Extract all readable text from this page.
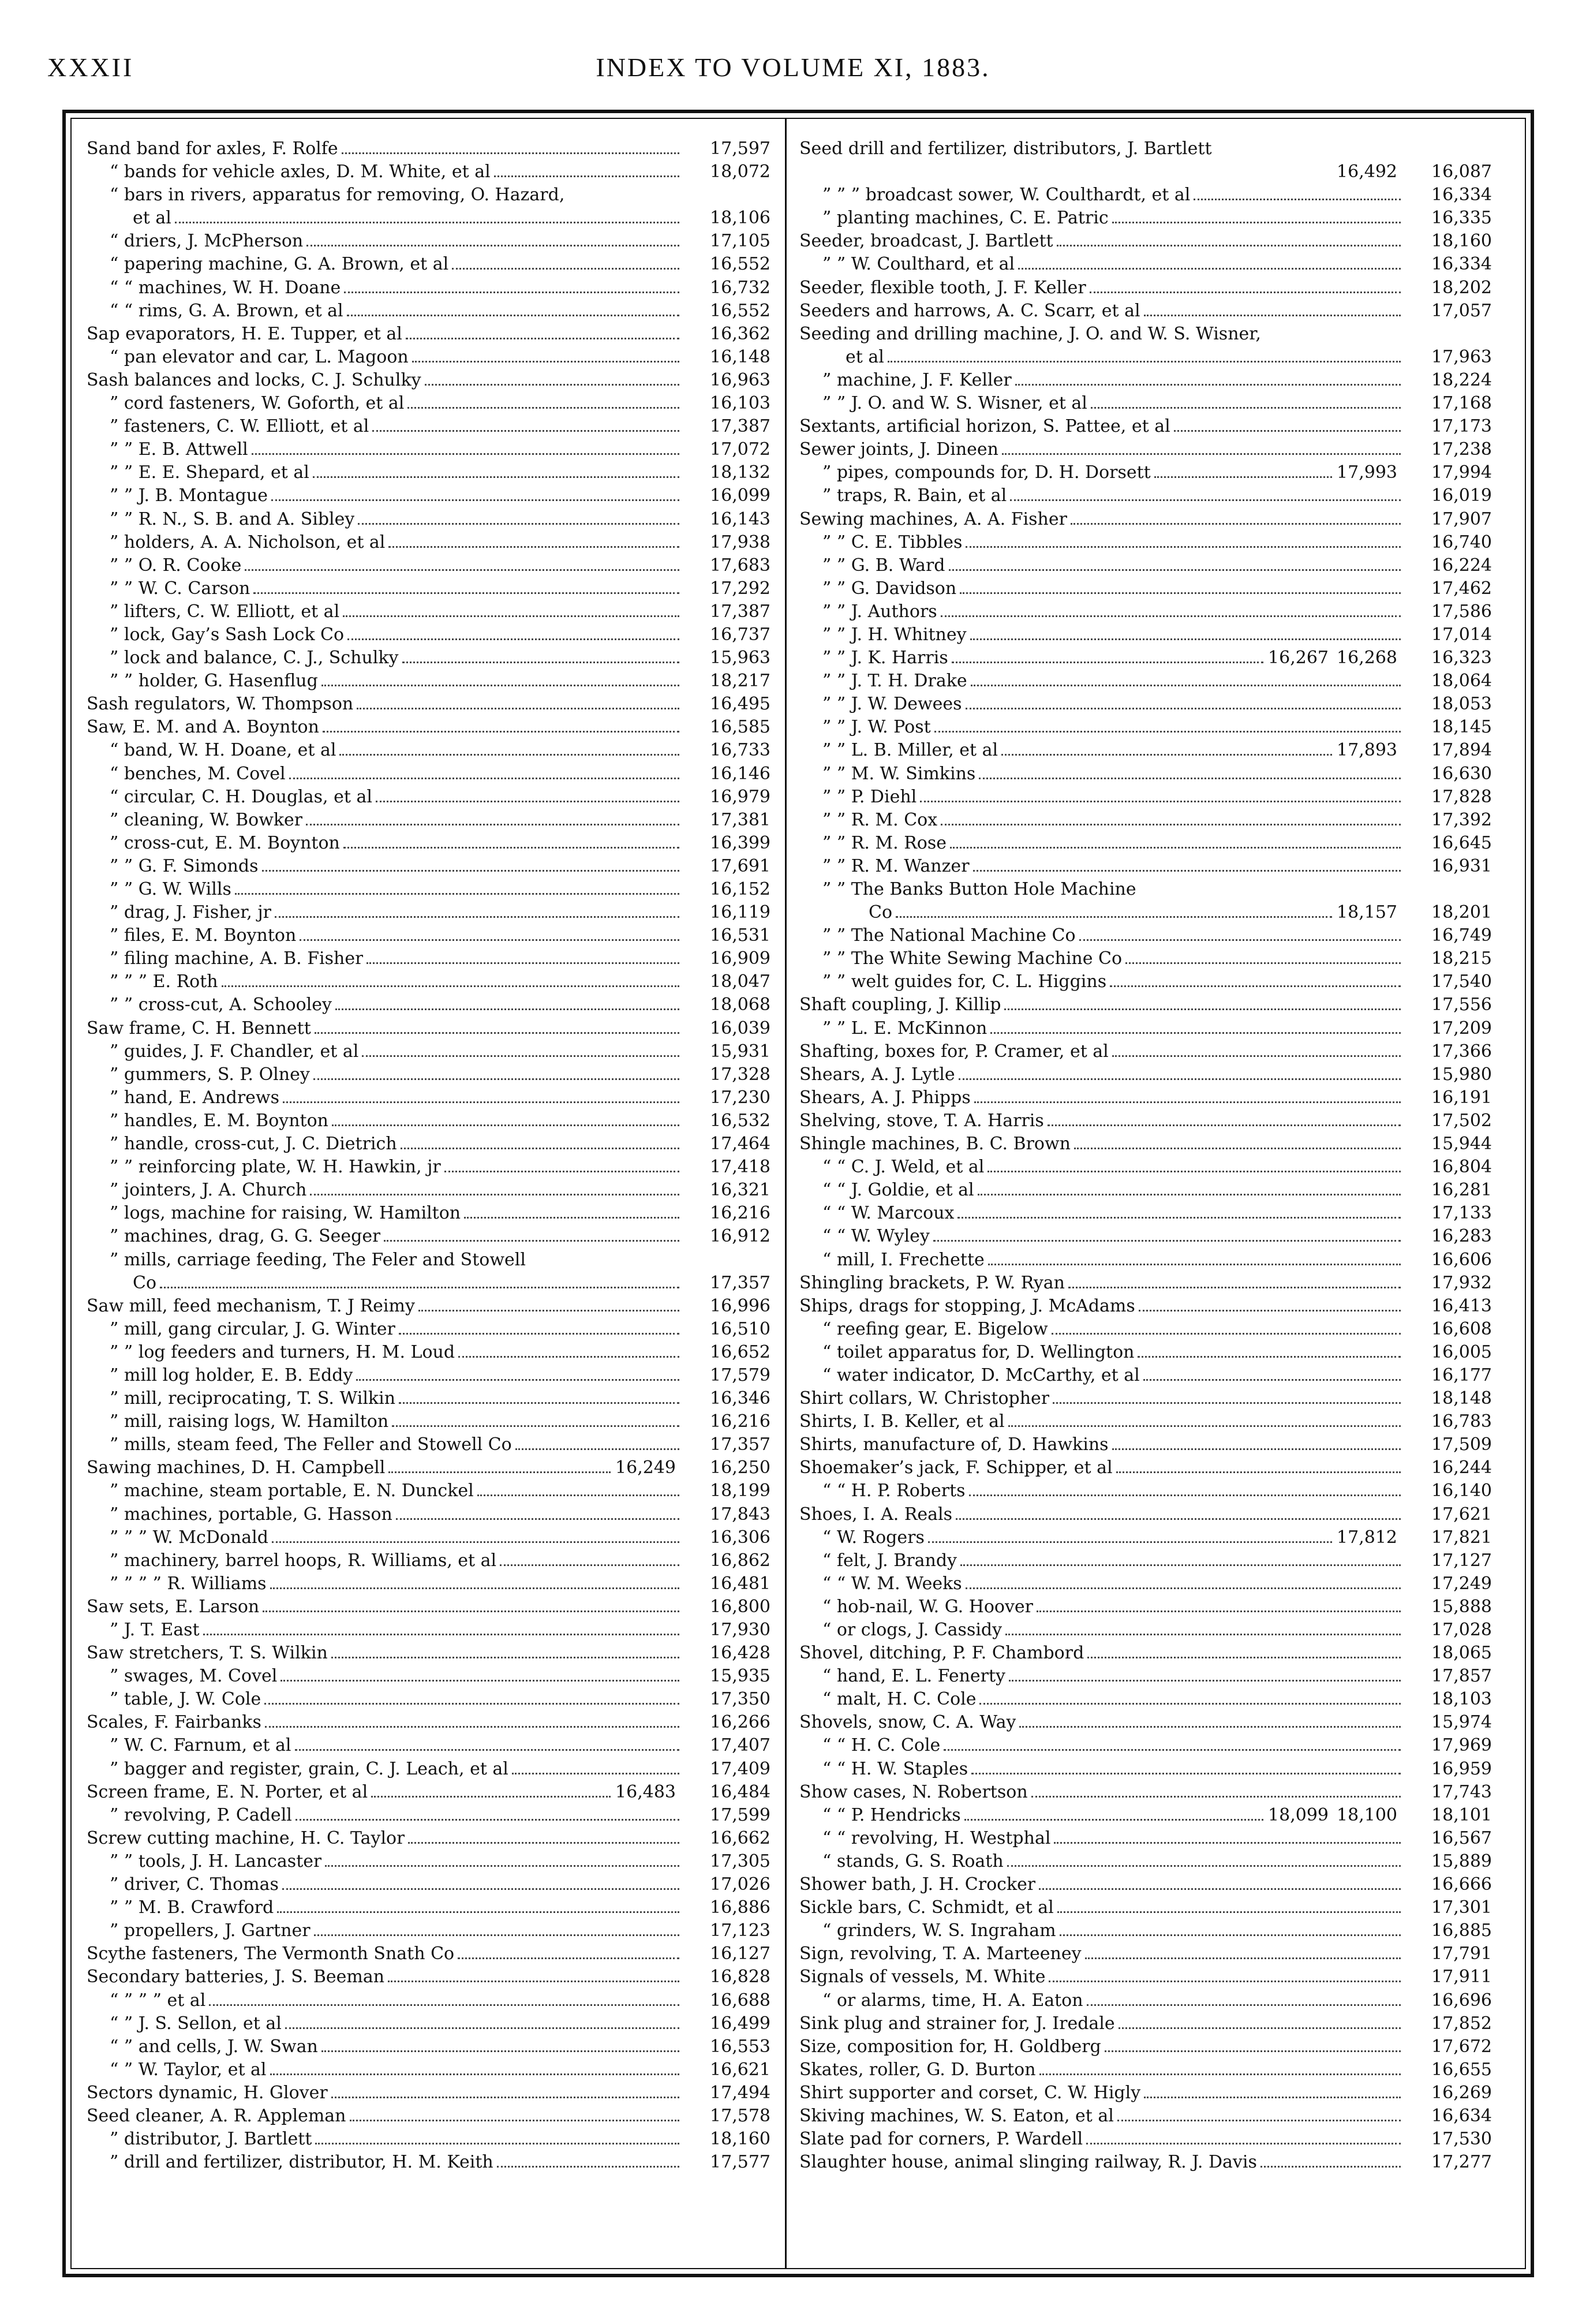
XXXII	INDEX TO VOLUME XI, 1883.
Sand band for axles, F. Rolfe	17,597
“ bands for vehicle axles, D. M. White, et al	18,072
“ bars in rivers, apparatus for removing, O. Hazard,
et al	18,106
“ driers, J. McPherson	17,105
“ papering machine, G. A. Brown, et al	16,552
“ “ machines, W. H. Doane	16,732
“ “ rims, G. A. Brown, et al	16,552
Sap evaporators, H. E. Tupper, et al	16,362
“ pan elevator and car, L. Magoon	16,148
Sash balances and locks, C. J. Schulky	16,963
” cord fasteners, W. Goforth, et al	16,103
” fasteners, C. W. Elliott, et al	17,387
” ” E. B. Attwell	17,072
” ” E. E. Shepard, et al	18,132
” ” J. B. Montague	16,099
” ” R. N., S. B. and A. Sibley	16,143
” holders, A. A. Nicholson, et al	17,938
” ” O. R. Cooke	17,683
” ” W. C. Carson	17,292
” lifters, C. W. Elliott, et al	17,387
” lock, Gay’s Sash Lock Co	16,737
” lock and balance, C. J., Schulky	15,963
” ” holder, G. Hasenflug	18,217
Sash regulators, W. Thompson	16,495
Saw, E. M. and A. Boynton	16,585
“ band, W. H. Doane, et al	16,733
“ benches, M. Covel	16,146
“ circular, C. H. Douglas, et al	16,979
” cleaning, W. Bowker	17,381
” cross-cut, E. M. Boynton	16,399
” ” G. F. Simonds	17,691
” ” G. W. Wills	16,152
” drag, J. Fisher, jr	16,119
” files, E. M. Boynton	16,531
” filing machine, A. B. Fisher	16,909
” ” ” E. Roth	18,047
” ” cross-cut, A. Schooley	18,068
Saw frame, C. H. Bennett	16,039
” guides, J. F. Chandler, et al	15,931
” gummers, S. P. Olney	17,328
” hand, E. Andrews	17,230
” handles, E. M. Boynton	16,532
” handle, cross-cut, J. C. Dietrich	17,464
” ” reinforcing plate, W. H. Hawkin, jr	17,418
” jointers, J. A. Church	16,321
” logs, machine for raising, W. Hamilton	16,216
” machines, drag, G. G. Seeger	16,912
” mills, carriage feeding, The Feler and Stowell
Co	17,357
Saw mill, feed mechanism, T. J Reimy	16,996
” mill, gang circular, J. G. Winter	16,510
” ” log feeders and turners, H. M. Loud	16,652
” mill log holder, E. B. Eddy	17,579
” mill, reciprocating, T. S. Wilkin	16,346
” mill, raising logs, W. Hamilton	16,216
” mills, steam feed, The Feller and Stowell Co	17,357
Sawing machines, D. H. Campbell	16,249	16,250
” machine, steam portable, E. N. Dunckel	18,199
” machines, portable, G. Hasson	17,843
” ” ” W. McDonald	16,306
” machinery, barrel hoops, R. Williams, et al	16,862
” ” ” ” R. Williams	16,481
Saw sets, E. Larson	16,800
” J. T. East	17,930
Saw stretchers, T. S. Wilkin	16,428
” swages, M. Covel	15,935
” table, J. W. Cole	17,350
Scales, F. Fairbanks	16,266
” W. C. Farnum, et al	17,407
” bagger and register, grain, C. J. Leach, et al	17,409
Screen frame, E. N. Porter, et al	16,483	16,484
” revolving, P. Cadell	17,599
Screw cutting machine, H. C. Taylor	16,662
” ” tools, J. H. Lancaster	17,305
” driver, C. Thomas	17,026
” ” M. B. Crawford	16,886
” propellers, J. Gartner	17,123
Scythe fasteners, The Vermonth Snath Co	16,127
Secondary batteries, J. S. Beeman	16,828
“ ” ” ” et al	16,688
“ ” J. S. Sellon, et al	16,499
“ ” and cells, J. W. Swan	16,553
“ ” W. Taylor, et al	16,621
Sectors dynamic, H. Glover	17,494
Seed cleaner, A. R. Appleman	17,578
” distributor, J. Bartlett	18,160
” drill and fertilizer, distributor, H. M. Keith	17,577
Seed drill and fertilizer, distributors, J. Bartlett
16,492	16,087
” ” ” broadcast sower, W. Coulthardt, et al	16,334
” planting machines, C. E. Patric	16,335
Seeder, broadcast, J. Bartlett	18,160
” ” W. Coulthard, et al	16,334
Seeder, flexible tooth, J. F. Keller	18,202
Seeders and harrows, A. C. Scarr, et al	17,057
Seeding and drilling machine, J. O. and W. S. Wisner,
et al	17,963
” machine, J. F. Keller	18,224
” ” J. O. and W. S. Wisner, et al	17,168
Sextants, artificial horizon, S. Pattee, et al	17,173
Sewer joints, J. Dineen	17,238
” pipes, compounds for, D. H. Dorsett	17,993	17,994
” traps, R. Bain, et al	16,019
Sewing machines, A. A. Fisher	17,907
” ” C. E. Tibbles	16,740
” ” G. B. Ward	16,224
” ” G. Davidson	17,462
” ” J. Authors	17,586
” ” J. H. Whitney	17,014
” ” J. K. Harris	16,267 16,268	16,323
” ” J. T. H. Drake	18,064
” ” J. W. Dewees	18,053
” ” J. W. Post	18,145
” ” L. B. Miller, et al	17,893	17,894
” ” M. W. Simkins	16,630
” ” P. Diehl	17,828
” ” R. M. Cox	17,392
” ” R. M. Rose	16,645
” ” R. M. Wanzer	16,931
” ” The Banks Button Hole Machine
Co	18,157	18,201
” ” The National Machine Co	16,749
” ” The White Sewing Machine Co	18,215
” ” welt guides for, C. L. Higgins	17,540
Shaft coupling, J. Killip	17,556
” ” L. E. McKinnon	17,209
Shafting, boxes for, P. Cramer, et al	17,366
Shears, A. J. Lytle	15,980
Shears, A. J. Phipps	16,191
Shelving, stove, T. A. Harris	17,502
Shingle machines, B. C. Brown	15,944
“ “ C. J. Weld, et al	16,804
“ “ J. Goldie, et al	16,281
“ “ W. Marcoux	17,133
“ “ W. Wyley	16,283
“ mill, I. Frechette	16,606
Shingling brackets, P. W. Ryan	17,932
Ships, drags for stopping, J. McAdams	16,413
“ reefing gear, E. Bigelow	16,608
“ toilet apparatus for, D. Wellington	16,005
“ water indicator, D. McCarthy, et al	16,177
Shirt collars, W. Christopher	18,148
Shirts, I. B. Keller, et al	16,783
Shirts, manufacture of, D. Hawkins	17,509
Shoemaker’s jack, F. Schipper, et al	16,244
“ “ H. P. Roberts	16,140
Shoes, I. A. Reals	17,621
“ W. Rogers	17,812	17,821
“ felt, J. Brandy	17,127
“ “ W. M. Weeks	17,249
“ hob-nail, W. G. Hoover	15,888
“ or clogs, J. Cassidy	17,028
Shovel, ditching, P. F. Chambord	18,065
“ hand, E. L. Fenerty	17,857
“ malt, H. C. Cole	18,103
Shovels, snow, C. A. Way	15,974
“ “ H. C. Cole	17,969
“ “ H. W. Staples	16,959
Show cases, N. Robertson	17,743
“ “ P. Hendricks	18,099 18,100	18,101
“ “ revolving, H. Westphal	16,567
“ stands, G. S. Roath	15,889
Shower bath, J. H. Crocker	16,666
Sickle bars, C. Schmidt, et al	17,301
“ grinders, W. S. Ingraham	16,885
Sign, revolving, T. A. Marteeney	17,791
Signals of vessels, M. White	17,911
“ or alarms, time, H. A. Eaton	16,696
Sink plug and strainer for, J. Iredale	17,852
Size, composition for, H. Goldberg	17,672
Skates, roller, G. D. Burton	16,655
Shirt supporter and corset, C. W. Higly	16,269
Skiving machines, W. S. Eaton, et al	16,634
Slate pad for corners, P. Wardell	17,530
Slaughter house, animal slinging railway, R. J. Davis	17,277
